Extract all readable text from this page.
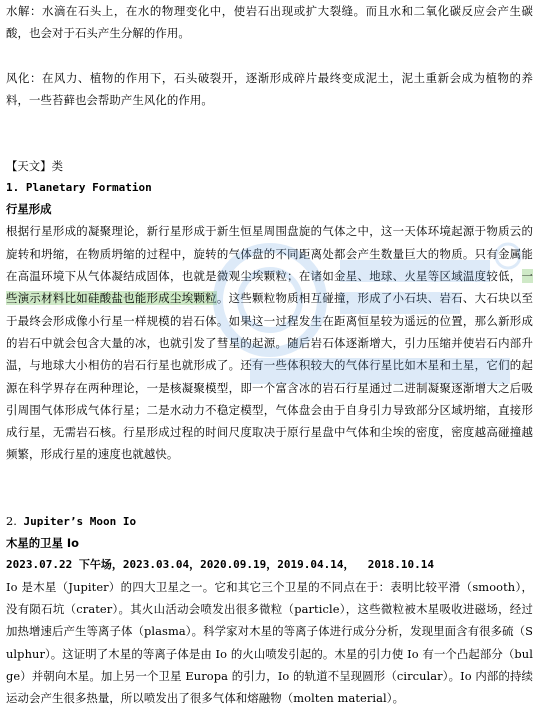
水解：水滴在石头上，在水的物理变化中，使岩石出现或扩大裂缝。而且水和二氧化碳反应会产生碳酸，也会对于石头产生分解的作用。

风化：在风力、植物的作用下，石头破裂开，逐渐形成碎片最终变成泥土，泥土重新会成为植物的养料，一些苔藓也会帮助产生风化的作用。

【天文】类

1. Planetary Formation

行星形成

根据行星形成的凝聚理论，新行星形成于新生恒星周围盘旋的气体之中，这一天体环境起源于物质云的旋转和坍缩，在物质坍缩的过程中，旋转的气体盘的不同距离处都会产生数量巨大的物质。只有金属能在高温环境下从气体凝结成固体，也就是微观尘埃颗粒；在诸如金星、地球、火星等区域温度较低，一些演示材料比如硅酸盐也能形成尘埃颗粒。这些颗粒物质相互碰撞，形成了小石块、岩石、大石块以至于最终会形成像小行星一样规模的岩石体。如果这一过程发生在距离恒星较为遥远的位置，那么新形成的岩石中就会包含大量的冰，也就引发了彗星的起源。随后岩石体逐渐增大，引力压缩并使岩石内部升温，与地球大小相仿的岩石行星也就形成了。还有一些体积较大的气体行星比如木星和土星，它们的起源在科学界存在两种理论，一是核凝聚模型，即一个富含冰的岩石行星通过二进制凝聚逐渐增大之后吸引周围气体形成气体行星；二是水动力不稳定模型，气体盘会由于自身引力导致部分区域坍缩，直接形成行星，无需岩石核。行星形成过程的时间尺度取决于原行星盘中气体和尘埃的密度，密度越高碰撞越频繁，形成行星的速度也就越快。

2. Jupiter’s Moon Io

木星的卫星 Io

2023.07.22 下午场，2023.03.04，2020.09.19，2019.04.14，  2018.10.14

Io 是木星（Jupiter）的四大卫星之一。它和其它三个卫星的不同点在于：表明比较平滑（smooth），没有陨石坑（crater）。其火山活动会喷发出很多微粒（particle），这些微粒被木星吸收进磁场，经过加热增速后产生等离子体（plasma）。科学家对木星的等离子体进行成分分析，发现里面含有很多硫（Sulphur）。这证明了木星的等离子体是由 Io 的火山喷发引起的。木星的引力使 Io 有一个凸起部分（bulge）并朝向木星。加上另一个卫星 Europa 的引力，Io 的轨道不呈现圆形（circular）。Io 内部的持续运动会产生很多热量，所以喷发出了很多气体和熔融物（molten material）。
